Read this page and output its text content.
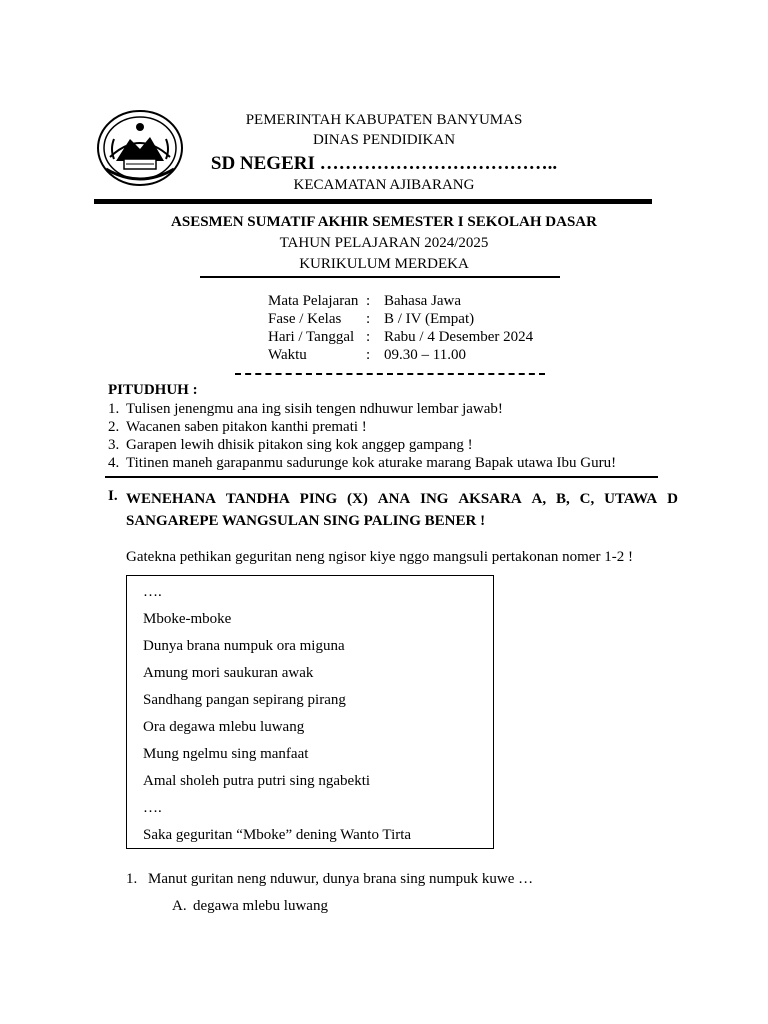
PEMERINTAH KABUPATEN BANYUMAS
DINAS PENDIDIKAN
SD NEGERI ………………………………..
KECAMATAN AJIBARANG
ASESMEN SUMATIF AKHIR SEMESTER I SEKOLAH DASAR
TAHUN PELAJARAN 2024/2025
KURIKULUM MERDEKA
Mata Pelajaran : Bahasa Jawa
Fase / Kelas	: B / IV (Empat)
Hari / Tanggal : Rabu / 4 Desember 2024
Waktu	: 09.30 – 11.00
PITUDHUH :
1. Tulisen jenengmu ana ing sisih tengen ndhuwur lembar jawab!
2. Wacanen saben pitakon kanthi premati !
3. Garapen lewih dhisik pitakon sing kok anggep gampang !
4. Titinen maneh garapanmu sadurunge kok aturake marang Bapak utawa Ibu Guru!
I. WENEHANA TANDHA PING (X) ANA ING AKSARA A, B, C, UTAWA D
SANGAREPE WANGSULAN SING PALING BENER !
Gatekna pethikan geguritan neng ngisor kiye nggo mangsuli pertakonan nomer 1-2 !
….
Mboke-mboke
Dunya brana numpuk ora miguna
Amung mori saukuran awak
Sandhang pangan sepirang pirang
Ora degawa mlebu luwang
Mung ngelmu sing manfaat
Amal sholeh putra putri sing ngabekti
….
Saka geguritan “Mboke” dening Wanto Tirta
1. Manut guritan neng nduwur, dunya brana sing numpuk kuwe …
A. degawa mlebu luwang
